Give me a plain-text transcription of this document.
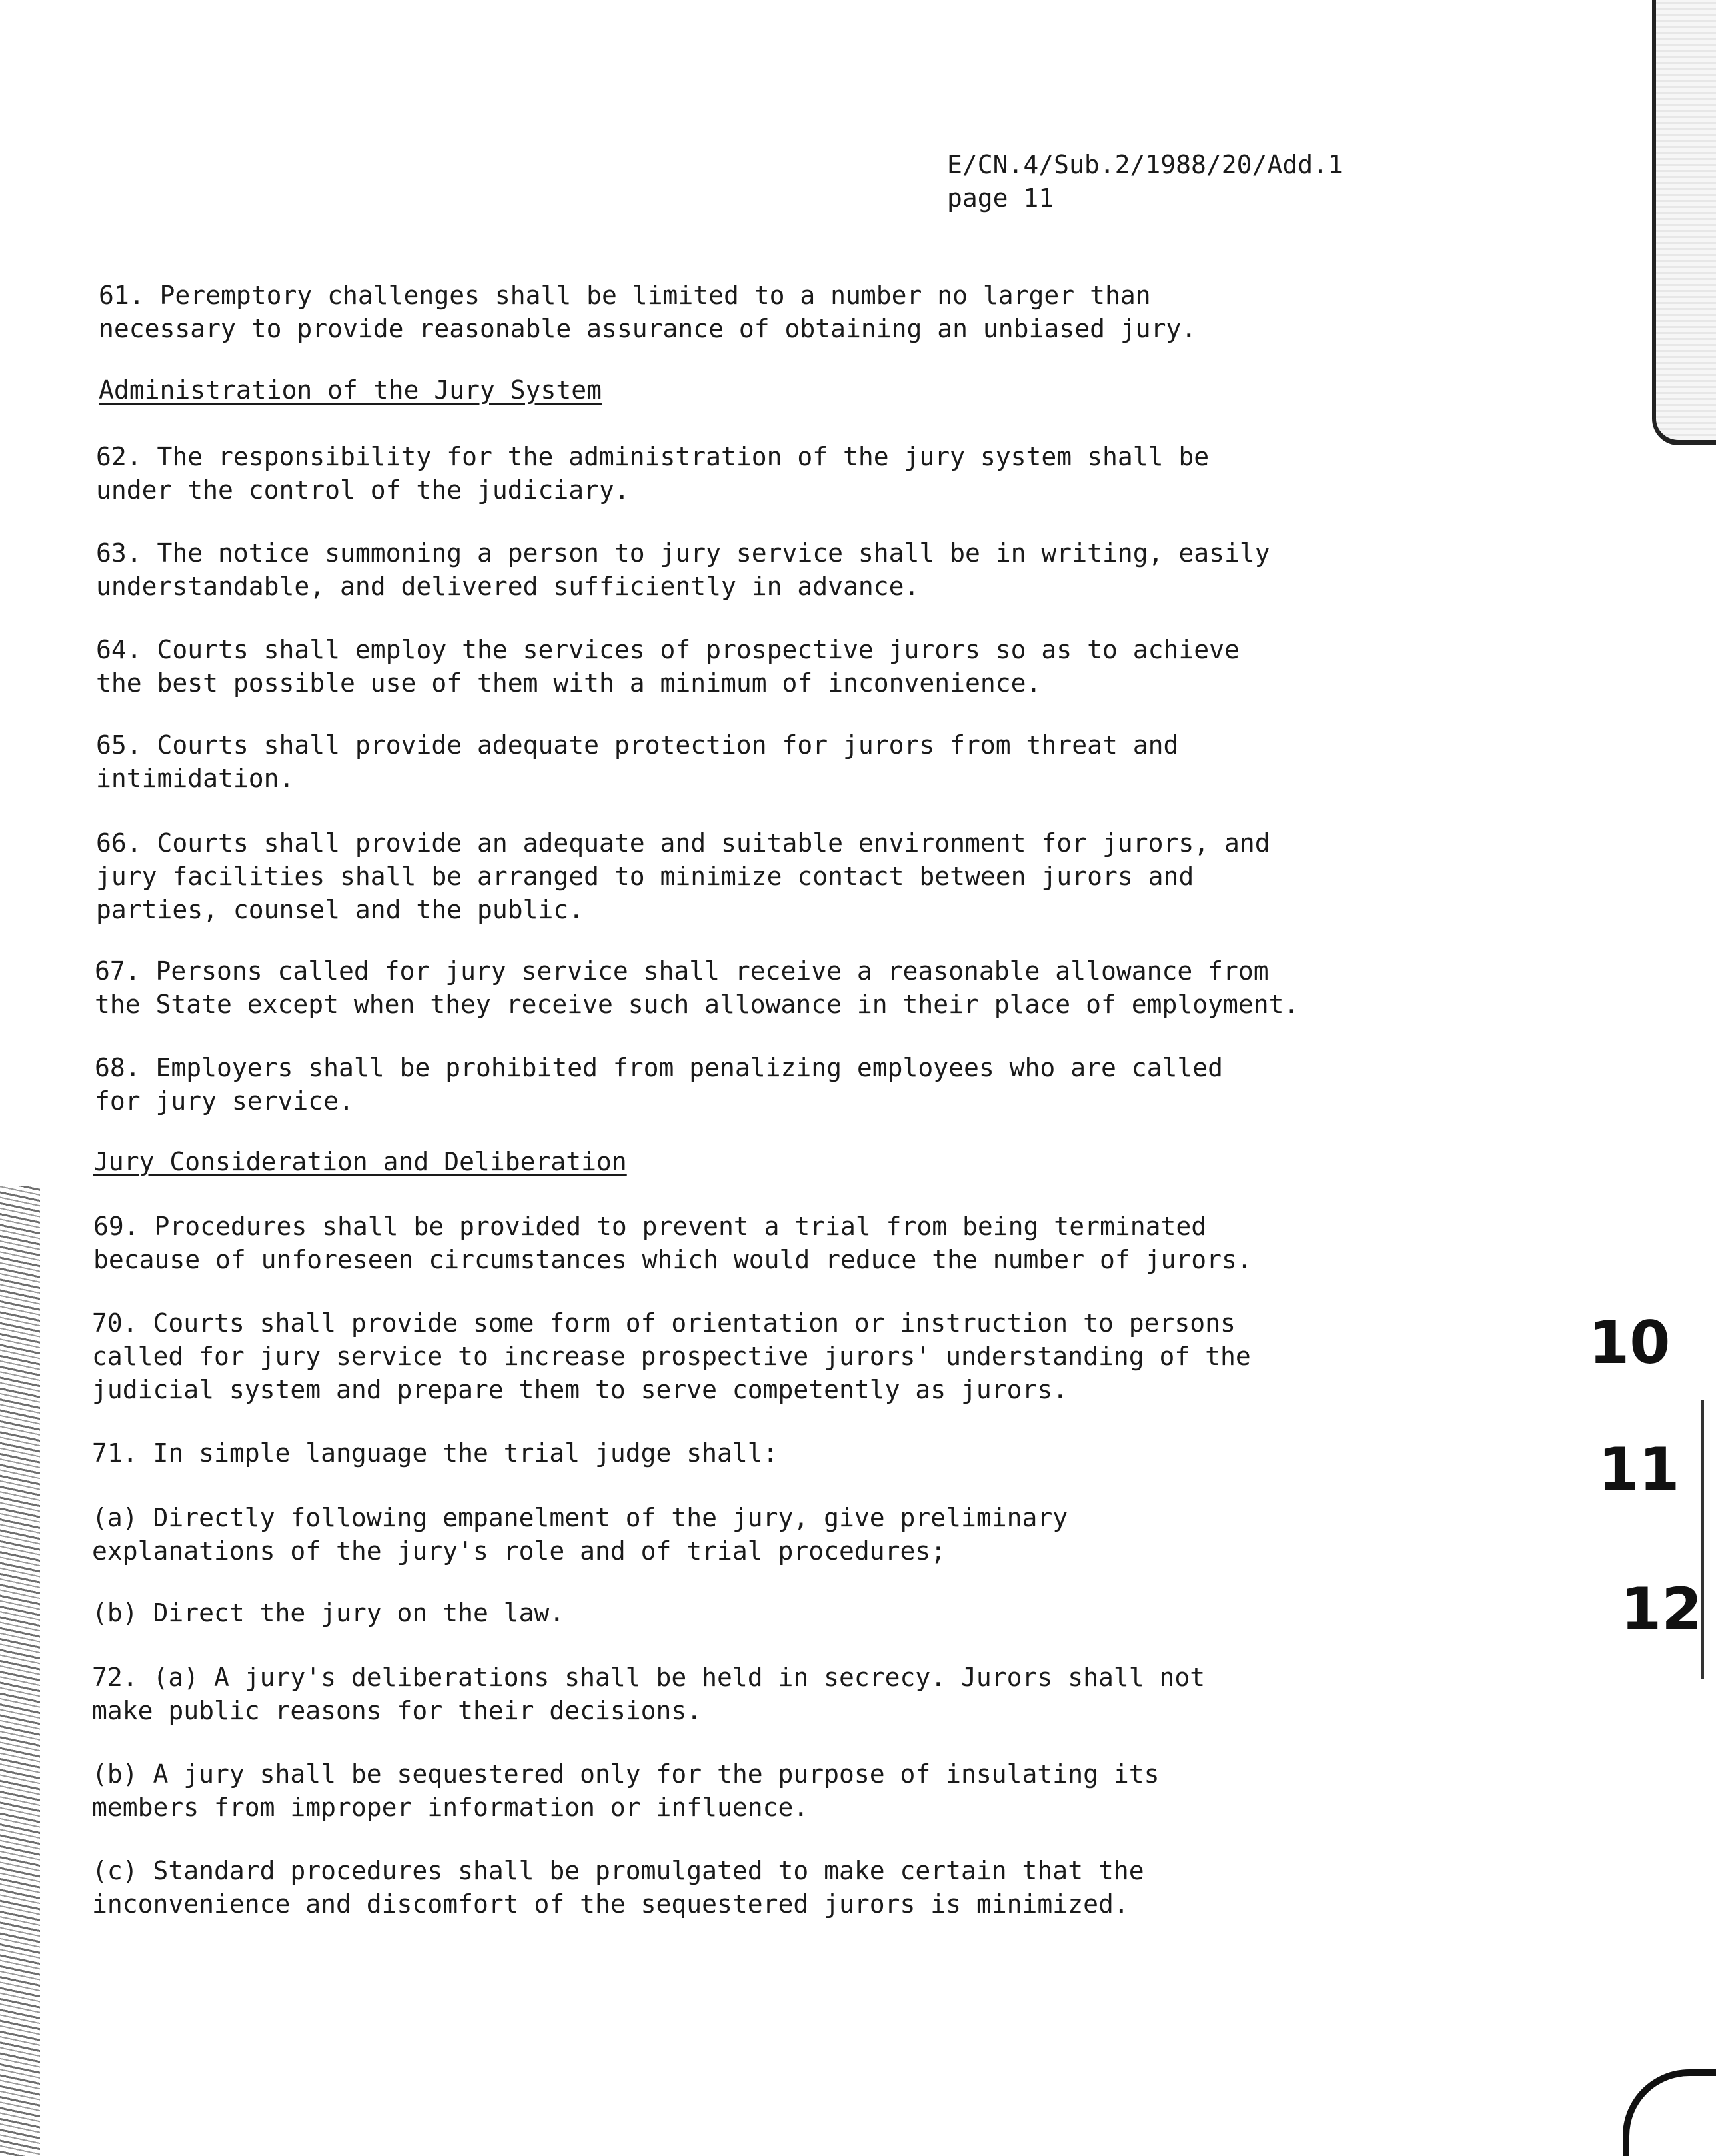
E/CN.4/Sub.2/1988/20/Add.1
page 11
61. Peremptory challenges shall be limited to a number no larger than
necessary to provide reasonable assurance of obtaining an unbiased jury.
Administration of the Jury System
62. The responsibility for the administration of the jury system shall be
under the control of the judiciary.
63. The notice summoning a person to jury service shall be in writing, easily
understandable, and delivered sufficiently in advance.
64. Courts shall employ the services of prospective jurors so as to achieve
the best possible use of them with a minimum of inconvenience.
65. Courts shall provide adequate protection for jurors from threat and
intimidation.
66. Courts shall provide an adequate and suitable environment for jurors, and
jury facilities shall be arranged to minimize contact between jurors and
parties, counsel and the public.
67. Persons called for jury service shall receive a reasonable allowance from
the State except when they receive such allowance in their place of employment.
68. Employers shall be prohibited from penalizing employees who are called
for jury service.
Jury Consideration and Deliberation
69. Procedures shall be provided to prevent a trial from being terminated
because of unforeseen circumstances which would reduce the number of jurors.
70. Courts shall provide some form of orientation or instruction to persons
called for jury service to increase prospective jurors' understanding of the
judicial system and prepare them to serve competently as jurors.
71. In simple language the trial judge shall:
(a) Directly following empanelment of the jury, give preliminary
explanations of the jury's role and of trial procedures;
(b) Direct the jury on the law.
72. (a) A jury's deliberations shall be held in secrecy. Jurors shall not
make public reasons for their decisions.
(b) A jury shall be sequestered only for the purpose of insulating its
members from improper information or influence.
(c) Standard procedures shall be promulgated to make certain that the
inconvenience and discomfort of the sequestered jurors is minimized.
10
11
12
